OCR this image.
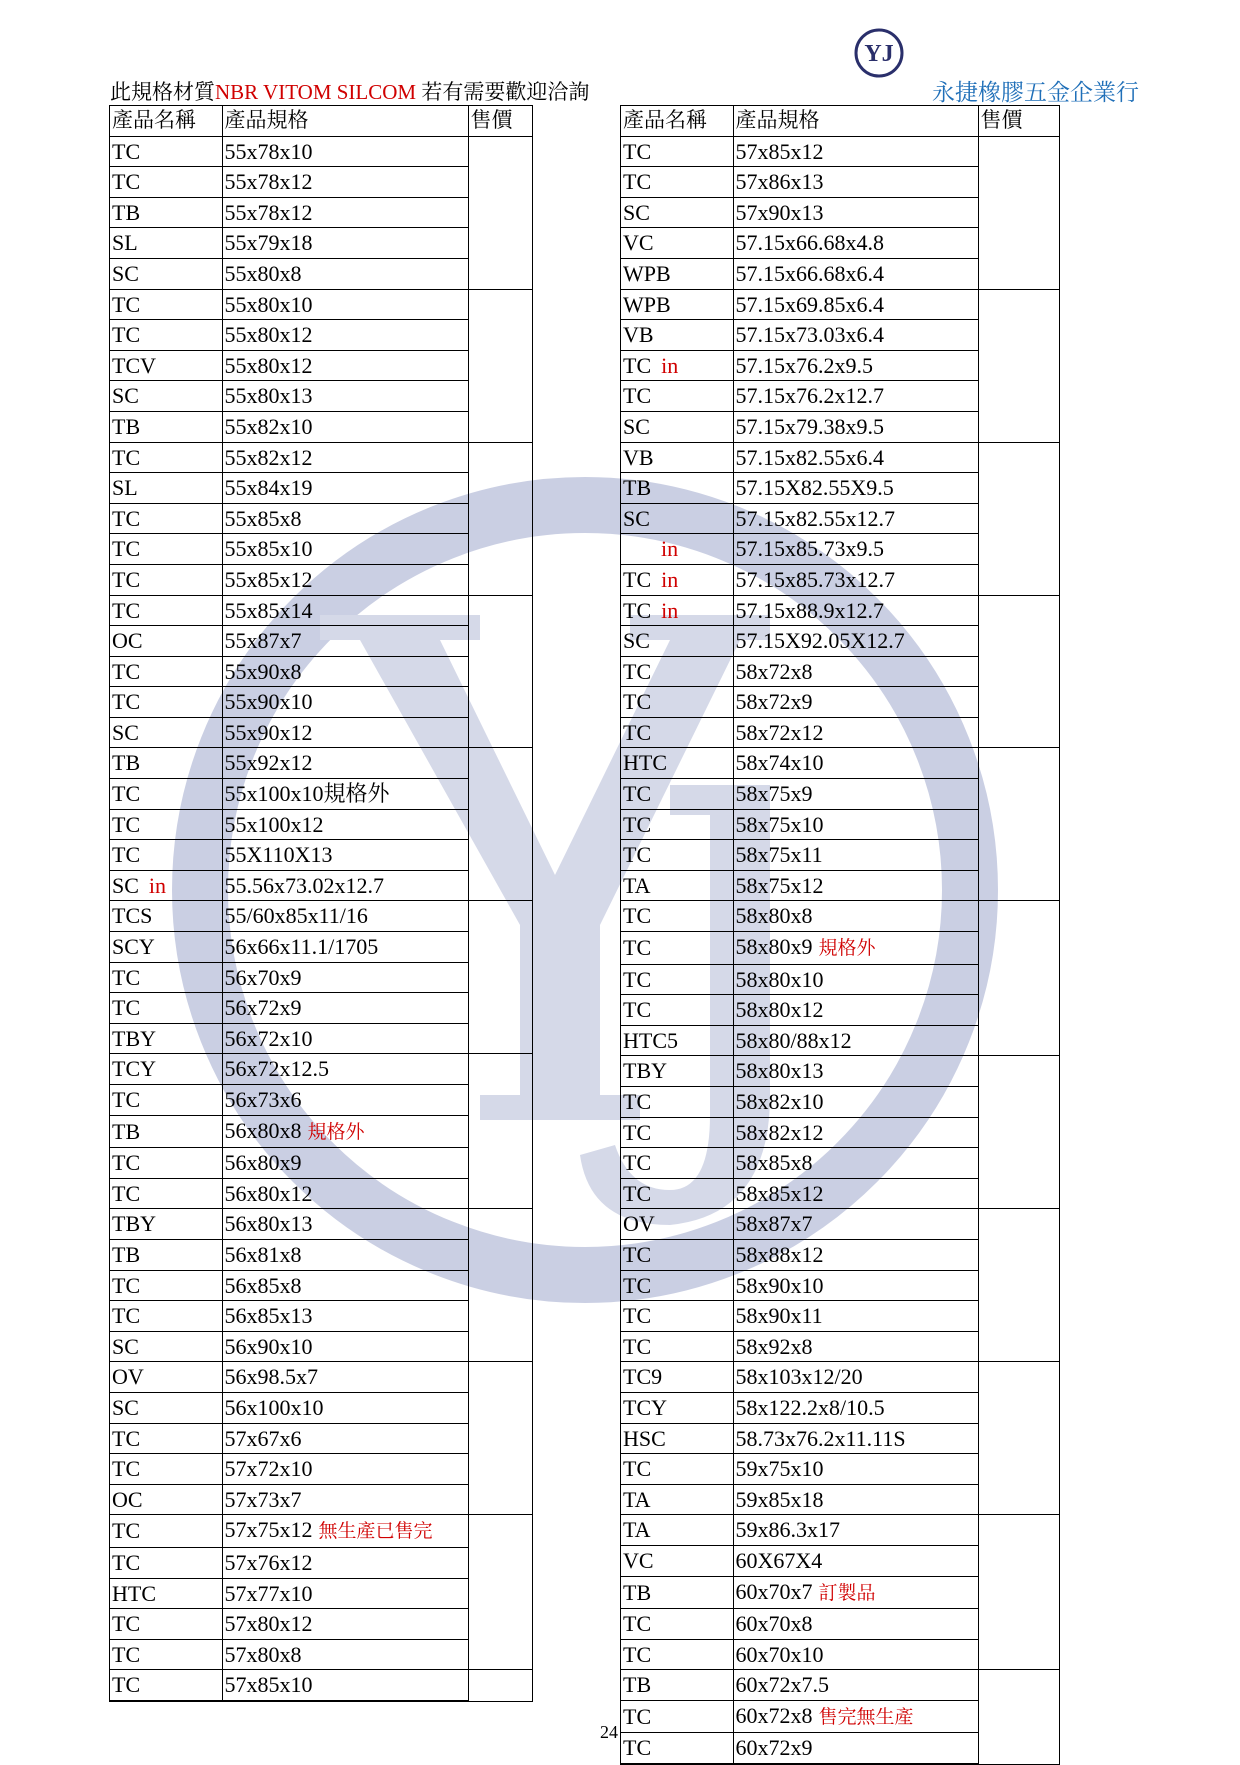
YJ
此規格材質NBR VITOM SILCOM 若有需要歡迎洽詢	永捷橡膠五金企業行
產品名稱	產品規格	售價
TC	55x78x10	
TC	55x78x12	
TB	55x78x12	
SL	55x79x18	
SC	55x80x8	
TC	55x80x10	
TC	55x80x12	
TCV	55x80x12	
SC	55x80x13	
TB	55x82x10	
TC	55x82x12	
SL	55x84x19	
TC	55x85x8	
TC	55x85x10	
TC	55x85x12	
TC	55x85x14	
OC	55x87x7	
TC	55x90x8	
TC	55x90x10	
SC	55x90x12	
TB	55x92x12	
TC	55x100x10規格外	
TC	55x100x12	
TC	55X110X13	
SC in	55.56x73.02x12.7	
TCS	55/60x85x11/16	
SCY	56x66x11.1/1705	
TC	56x70x9	
TC	56x72x9	
TBY	56x72x10	
TCY	56x72x12.5	
TC	56x73x6	
TB	56x80x8 規格外	
TC	56x80x9	
TC	56x80x12	
TBY	56x80x13	
TB	56x81x8	
TC	56x85x8	
TC	56x85x13	
SC	56x90x10	
OV	56x98.5x7	
SC	56x100x10	
TC	57x67x6	
TC	57x72x10	
OC	57x73x7	
TC	57x75x12 無生產已售完	
TC	57x76x12	
HTC	57x77x10	
TC	57x80x12	
TC	57x80x8	
TC	57x85x10	
產品名稱	產品規格	售價
TC	57x85x12	
TC	57x86x13	
SC	57x90x13	
VC	57.15x66.68x4.8	
WPB	57.15x66.68x6.4	
WPB	57.15x69.85x6.4	
VB	57.15x73.03x6.4	
TC in	57.15x76.2x9.5	
TC	57.15x76.2x12.7	
SC	57.15x79.38x9.5	
VB	57.15x82.55x6.4	
TB	57.15X82.55X9.5	
SC	57.15x82.55x12.7	
in	57.15x85.73x9.5	
TC in	57.15x85.73x12.7	
TC in	57.15x88.9x12.7	
SC	57.15X92.05X12.7	
TC	58x72x8	
TC	58x72x9	
TC	58x72x12	
HTC	58x74x10	
TC	58x75x9	
TC	58x75x10	
TC	58x75x11	
TA	58x75x12	
TC	58x80x8	
TC	58x80x9 規格外	
TC	58x80x10	
TC	58x80x12	
HTC5	58x80/88x12	
TBY	58x80x13	
TC	58x82x10	
TC	58x82x12	
TC	58x85x8	
TC	58x85x12	
OV	58x87x7	
TC	58x88x12	
TC	58x90x10	
TC	58x90x11	
TC	58x92x8	
TC9	58x103x12/20	
TCY	58x122.2x8/10.5	
HSC	58.73x76.2x11.11S	
TC	59x75x10	
TA	59x85x18	
TA	59x86.3x17	
VC	60X67X4	
TB	60x70x7 訂製品	
TC	60x70x8	
TC	60x70x10	
TB	60x72x7.5	
TC	60x72x8 售完無生產	
TC	60x72x9	
24
